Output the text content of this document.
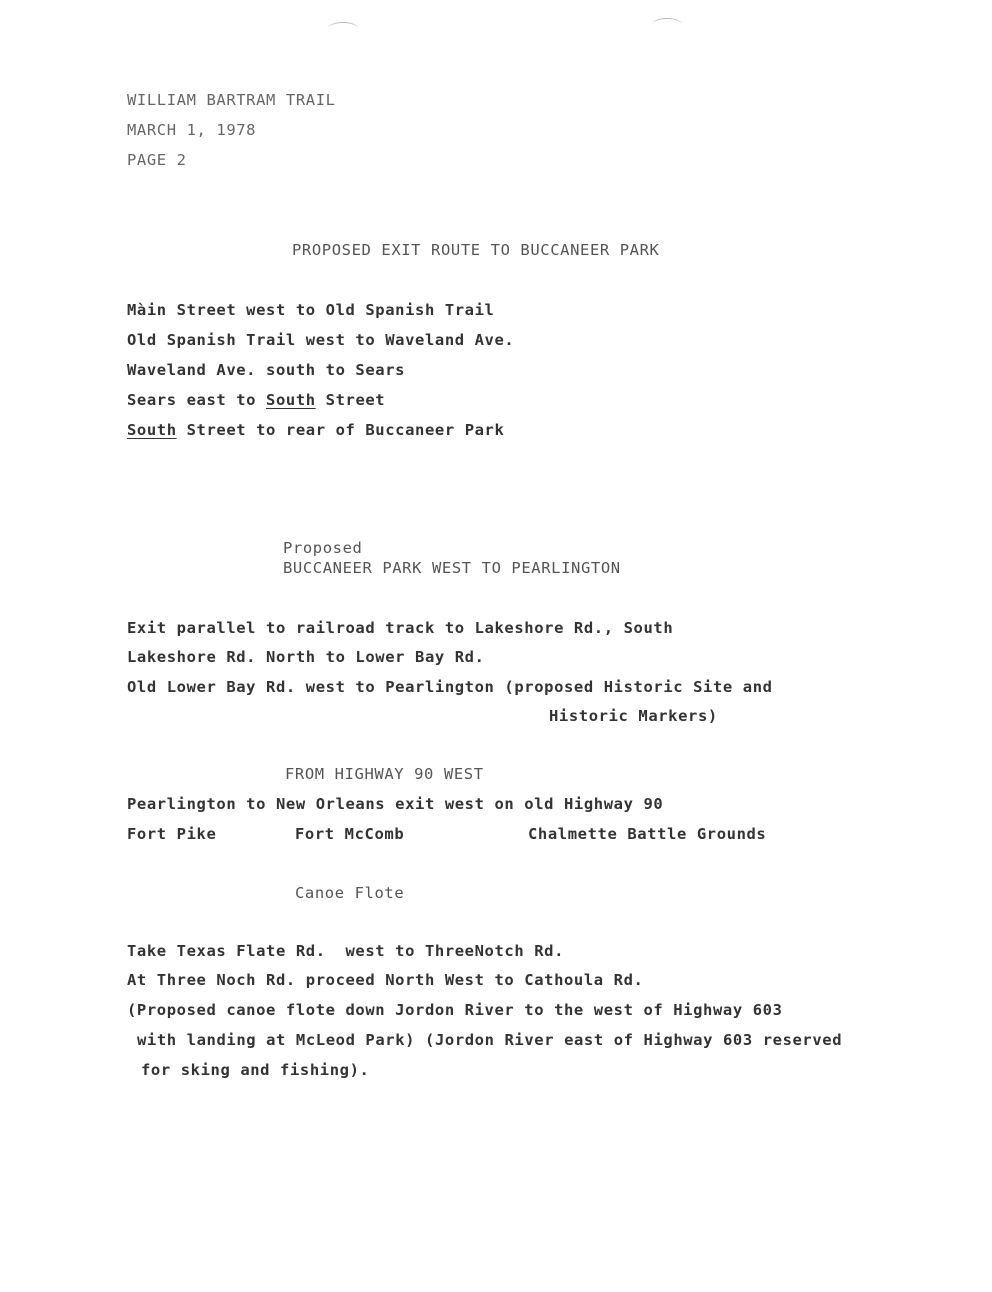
WILLIAM BARTRAM TRAIL
MARCH 1, 1978
PAGE 2
PROPOSED EXIT ROUTE TO BUCCANEER PARK
Màin Street west to Old Spanish Trail
Old Spanish Trail west to Waveland Ave.
Waveland Ave. south to Sears
Sears east to South Street
South Street to rear of Buccaneer Park
Proposed
BUCCANEER PARK WEST TO PEARLINGTON
Exit parallel to railroad track to Lakeshore Rd., South
Lakeshore Rd. North to Lower Bay Rd.
Old Lower Bay Rd. west to Pearlington (proposed Historic Site and
Historic Markers)
FROM HIGHWAY 90 WEST
Pearlington to New Orleans exit west on old Highway 90
Fort Pike	Fort McComb	Chalmette Battle Grounds
Canoe Flote
Take Texas Flate Rd.  west to ThreeNotch Rd.
At Three Noch Rd. proceed North West to Cathoula Rd.
(Proposed canoe flote down Jordon River to the west of Highway 603
with landing at McLeod Park) (Jordon River east of Highway 603 reserved
for sking and fishing).
